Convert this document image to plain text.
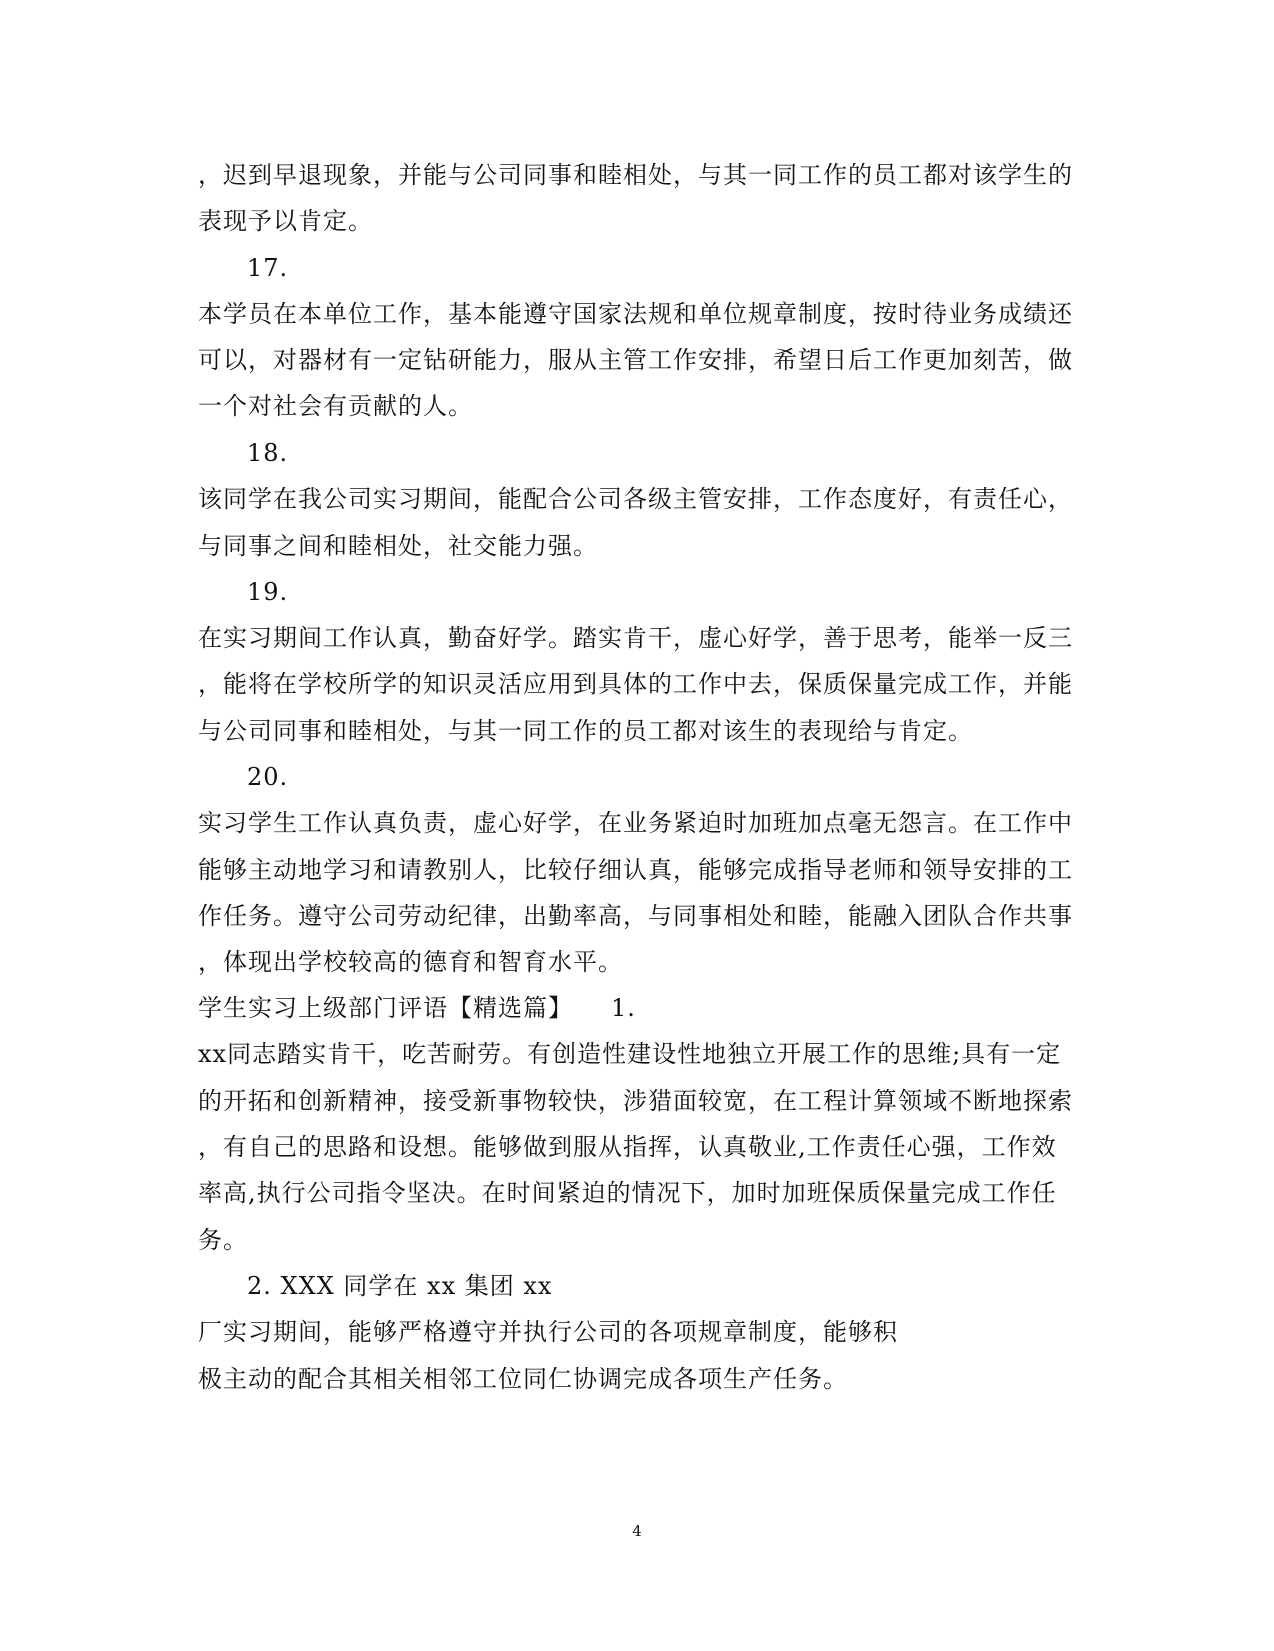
，迟到早退现象，并能与公司同事和睦相处，与其一同工作的员工都对该学生的
表现予以肯定。
17.
本学员在本单位工作，基本能遵守国家法规和单位规章制度，按时待业务成绩还
可以，对器材有一定钻研能力，服从主管工作安排，希望日后工作更加刻苦，做
一个对社会有贡献的人。
18.
该同学在我公司实习期间，能配合公司各级主管安排，工作态度好，有责任心，
与同事之间和睦相处，社交能力强。
19.
在实习期间工作认真，勤奋好学。踏实肯干，虚心好学，善于思考，能举一反三
，能将在学校所学的知识灵活应用到具体的工作中去，保质保量完成工作，并能
与公司同事和睦相处，与其一同工作的员工都对该生的表现给与肯定。
20.
实习学生工作认真负责，虚心好学，在业务紧迫时加班加点毫无怨言。在工作中
能够主动地学习和请教别人，比较仔细认真，能够完成指导老师和领导安排的工
作任务。遵守公司劳动纪律，出勤率高，与同事相处和睦，能融入团队合作共事
，体现出学校较高的德育和智育水平。
学生实习上级部门评语【精选篇】　　1.
xx同志踏实肯干，吃苦耐劳。有创造性建设性地独立开展工作的思维;具有一定
的开拓和创新精神，接受新事物较快，涉猎面较宽，在工程计算领域不断地探索
，有自己的思路和设想。能够做到服从指挥，认真敬业,工作责任心强，工作效
率高,执行公司指令坚决。在时间紧迫的情况下，加时加班保质保量完成工作任
务。
2. XXX 同学在 xx 集团 xx
厂实习期间，能够严格遵守并执行公司的各项规章制度，能够积
极主动的配合其相关相邻工位同仁协调完成各项生产任务。
4
